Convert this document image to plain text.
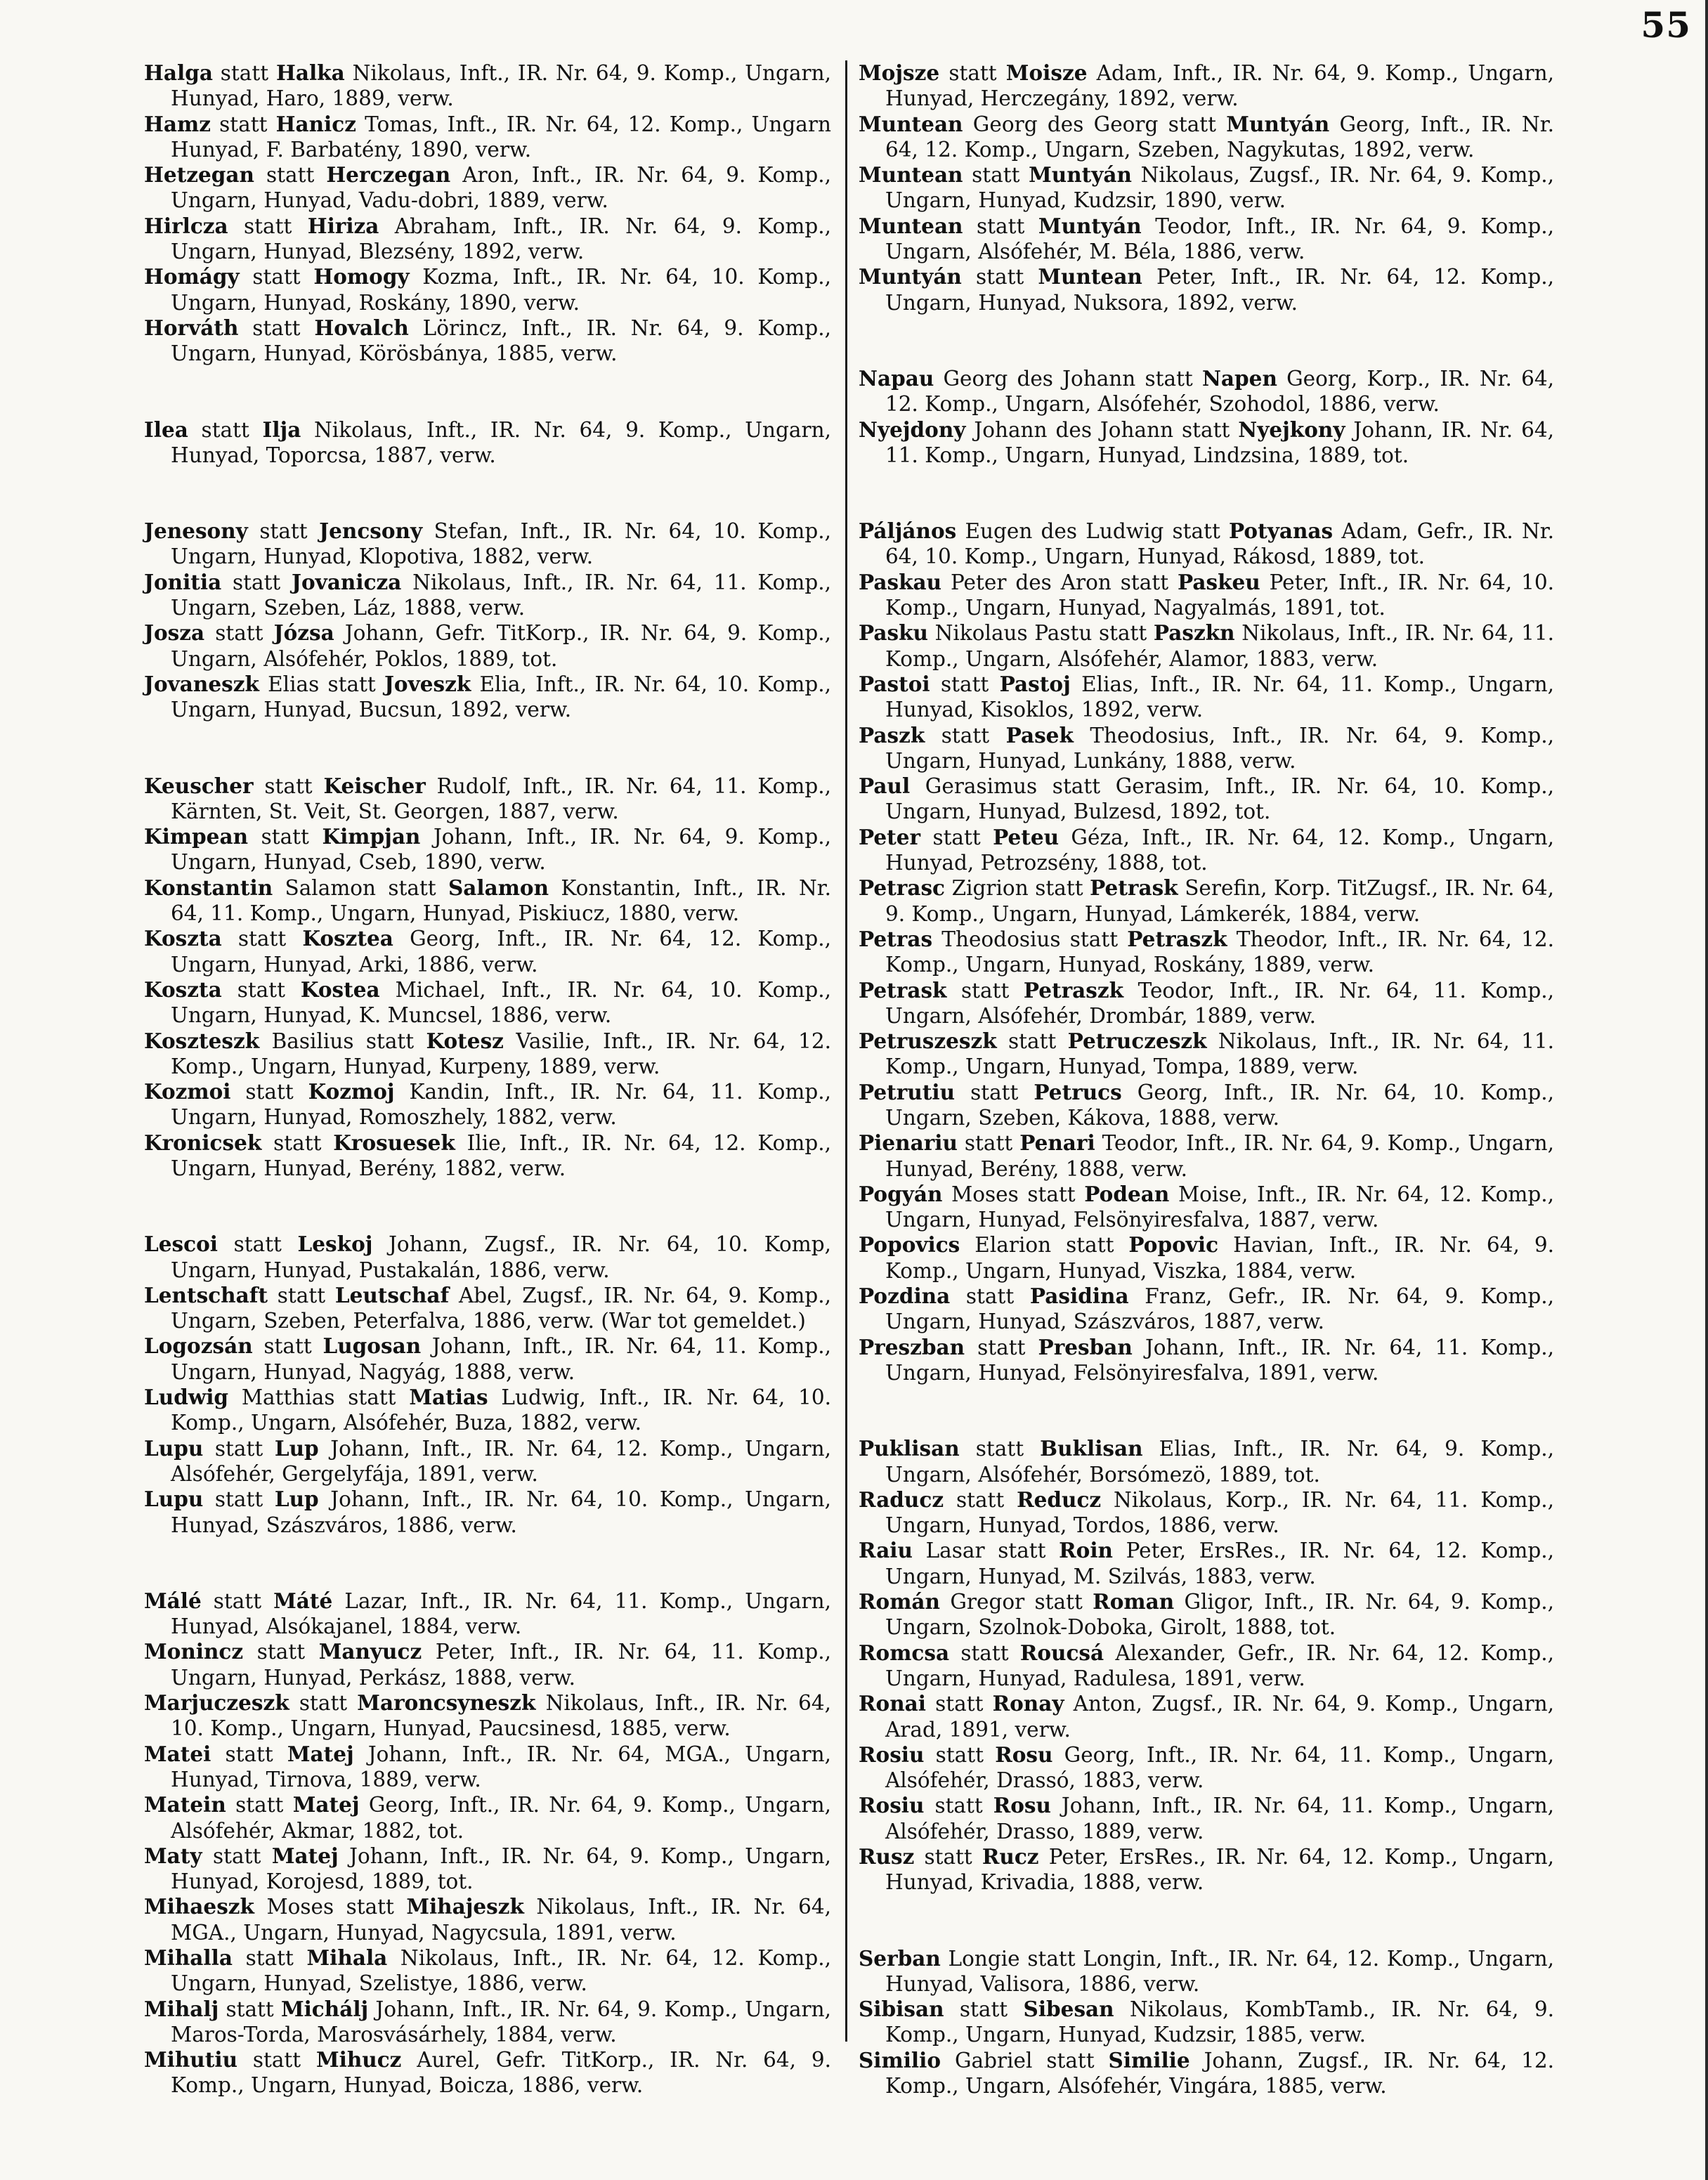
55

Halga statt Halka Nikolaus, Inft., IR. Nr. 64, 9. Komp., Ungarn, Hunyad, Haro, 1889, verw.

Hamz statt Hanicz Tomas, Inft., IR. Nr. 64, 12. Komp., Ungarn Hunyad, F. Barbatény, 1890, verw.

Hetzegan statt Herczegan Aron, Inft., IR. Nr. 64, 9. Komp., Ungarn, Hunyad, Vadu-dobri, 1889, verw.

Hirlcza statt Hiriza Abraham, Inft., IR. Nr. 64, 9. Komp., Ungarn, Hunyad, Blezsény, 1892, verw.

Homágy statt Homogy Kozma, Inft., IR. Nr. 64, 10. Komp., Ungarn, Hunyad, Roskány, 1890, verw.

Horváth statt Hovalch Lörincz, Inft., IR. Nr. 64, 9. Komp., Ungarn, Hunyad, Körösbánya, 1885, verw.

Ilea statt Ilja Nikolaus, Inft., IR. Nr. 64, 9. Komp., Ungarn, Hunyad, Toporcsa, 1887, verw.

Jenesony statt Jencsony Stefan, Inft., IR. Nr. 64, 10. Komp., Ungarn, Hunyad, Klopotiva, 1882, verw.

Jonitia statt Jovanicza Nikolaus, Inft., IR. Nr. 64, 11. Komp., Ungarn, Szeben, Láz, 1888, verw.

Josza statt Józsa Johann, Gefr. TitKorp., IR. Nr. 64, 9. Komp., Ungarn, Alsófehér, Poklos, 1889, tot.

Jovaneszk Elias statt Joveszk Elia, Inft., IR. Nr. 64, 10. Komp., Ungarn, Hunyad, Bucsun, 1892, verw.

Keuscher statt Keischer Rudolf, Inft., IR. Nr. 64, 11. Komp., Kärnten, St. Veit, St. Georgen, 1887, verw.

Kimpean statt Kimpjan Johann, Inft., IR. Nr. 64, 9. Komp., Ungarn, Hunyad, Cseb, 1890, verw.

Konstantin Salamon statt Salamon Konstantin, Inft., IR. Nr. 64, 11. Komp., Ungarn, Hunyad, Piskiucz, 1880, verw.

Koszta statt Kosztea Georg, Inft., IR. Nr. 64, 12. Komp., Ungarn, Hunyad, Arki, 1886, verw.

Koszta statt Kostea Michael, Inft., IR. Nr. 64, 10. Komp., Ungarn, Hunyad, K. Muncsel, 1886, verw.

Koszteszk Basilius statt Kotesz Vasilie, Inft., IR. Nr. 64, 12. Komp., Ungarn, Hunyad, Kurpeny, 1889, verw.

Kozmoi statt Kozmoj Kandin, Inft., IR. Nr. 64, 11. Komp., Ungarn, Hunyad, Romoszhely, 1882, verw.

Kronicsek statt Krosuesek Ilie, Inft., IR. Nr. 64, 12. Komp., Ungarn, Hunyad, Berény, 1882, verw.

Lescoi statt Leskoj Johann, Zugsf., IR. Nr. 64, 10. Komp, Ungarn, Hunyad, Pustakalán, 1886, verw.

Lentschaft statt Leutschaf Abel, Zugsf., IR. Nr. 64, 9. Komp., Ungarn, Szeben, Peterfalva, 1886, verw. (War tot gemeldet.)

Logozsán statt Lugosan Johann, Inft., IR. Nr. 64, 11. Komp., Ungarn, Hunyad, Nagyág, 1888, verw.

Ludwig Matthias statt Matias Ludwig, Inft., IR. Nr. 64, 10. Komp., Ungarn, Alsófehér, Buza, 1882, verw.

Lupu statt Lup Johann, Inft., IR. Nr. 64, 12. Komp., Ungarn, Alsófehér, Gergelyfája, 1891, verw.

Lupu statt Lup Johann, Inft., IR. Nr. 64, 10. Komp., Ungarn, Hunyad, Szászváros, 1886, verw.

Málé statt Máté Lazar, Inft., IR. Nr. 64, 11. Komp., Ungarn, Hunyad, Alsókajanel, 1884, verw.

Monincz statt Manyucz Peter, Inft., IR. Nr. 64, 11. Komp., Ungarn, Hunyad, Perkász, 1888, verw.

Marjuczeszk statt Maroncsyneszk Nikolaus, Inft., IR. Nr. 64, 10. Komp., Ungarn, Hunyad, Paucsinesd, 1885, verw.

Matei statt Matej Johann, Inft., IR. Nr. 64, MGA., Ungarn, Hunyad, Tirnova, 1889, verw.

Matein statt Matej Georg, Inft., IR. Nr. 64, 9. Komp., Ungarn, Alsófehér, Akmar, 1882, tot.

Maty statt Matej Johann, Inft., IR. Nr. 64, 9. Komp., Ungarn, Hunyad, Korojesd, 1889, tot.

Mihaeszk Moses statt Mihajeszk Nikolaus, Inft., IR. Nr. 64, MGA., Ungarn, Hunyad, Nagycsula, 1891, verw.

Mihalla statt Mihala Nikolaus, Inft., IR. Nr. 64, 12. Komp., Ungarn, Hunyad, Szelistye, 1886, verw.

Mihalj statt Michálj Johann, Inft., IR. Nr. 64, 9. Komp., Ungarn, Maros-Torda, Marosvásárhely, 1884, verw.

Mihutiu statt Mihucz Aurel, Gefr. TitKorp., IR. Nr. 64, 9. Komp., Ungarn, Hunyad, Boicza, 1886, verw.

Mojsze statt Moisze Adam, Inft., IR. Nr. 64, 9. Komp., Ungarn, Hunyad, Herczegány, 1892, verw.

Muntean Georg des Georg statt Muntyán Georg, Inft., IR. Nr. 64, 12. Komp., Ungarn, Szeben, Nagykutas, 1892, verw.

Muntean statt Muntyán Nikolaus, Zugsf., IR. Nr. 64, 9. Komp., Ungarn, Hunyad, Kudzsir, 1890, verw.

Muntean statt Muntyán Teodor, Inft., IR. Nr. 64, 9. Komp., Ungarn, Alsófehér, M. Béla, 1886, verw.

Muntyán statt Muntean Peter, Inft., IR. Nr. 64, 12. Komp., Ungarn, Hunyad, Nuksora, 1892, verw.

Napau Georg des Johann statt Napen Georg, Korp., IR. Nr. 64, 12. Komp., Ungarn, Alsófehér, Szohodol, 1886, verw.

Nyejdony Johann des Johann statt Nyejkony Johann, IR. Nr. 64, 11. Komp., Ungarn, Hunyad, Lindzsina, 1889, tot.

Páljános Eugen des Ludwig statt Potyanas Adam, Gefr., IR. Nr. 64, 10. Komp., Ungarn, Hunyad, Rákosd, 1889, tot.

Paskau Peter des Aron statt Paskeu Peter, Inft., IR. Nr. 64, 10. Komp., Ungarn, Hunyad, Nagyalmás, 1891, tot.

Pasku Nikolaus Pastu statt Paszkn Nikolaus, Inft., IR. Nr. 64, 11. Komp., Ungarn, Alsófehér, Alamor, 1883, verw.

Pastoi statt Pastoj Elias, Inft., IR. Nr. 64, 11. Komp., Ungarn, Hunyad, Kisoklos, 1892, verw.

Paszk statt Pasek Theodosius, Inft., IR. Nr. 64, 9. Komp., Ungarn, Hunyad, Lunkány, 1888, verw.

Paul Gerasimus statt Gerasim, Inft., IR. Nr. 64, 10. Komp., Ungarn, Hunyad, Bulzesd, 1892, tot.

Peter statt Peteu Géza, Inft., IR. Nr. 64, 12. Komp., Ungarn, Hunyad, Petrozsény, 1888, tot.

Petrasc Zigrion statt Petrask Serefin, Korp. TitZugsf., IR. Nr. 64, 9. Komp., Ungarn, Hunyad, Lámkerék, 1884, verw.

Petras Theodosius statt Petraszk Theodor, Inft., IR. Nr. 64, 12. Komp., Ungarn, Hunyad, Roskány, 1889, verw.

Petrask statt Petraszk Teodor, Inft., IR. Nr. 64, 11. Komp., Ungarn, Alsófehér, Drombár, 1889, verw.

Petruszeszk statt Petruczeszk Nikolaus, Inft., IR. Nr. 64, 11. Komp., Ungarn, Hunyad, Tompa, 1889, verw.

Petrutiu statt Petrucs Georg, Inft., IR. Nr. 64, 10. Komp., Ungarn, Szeben, Kákova, 1888, verw.

Pienariu statt Penari Teodor, Inft., IR. Nr. 64, 9. Komp., Ungarn, Hunyad, Berény, 1888, verw.

Pogyán Moses statt Podean Moise, Inft., IR. Nr. 64, 12. Komp., Ungarn, Hunyad, Felsönyiresfalva, 1887, verw.

Popovics Elarion statt Popovic Havian, Inft., IR. Nr. 64, 9. Komp., Ungarn, Hunyad, Viszka, 1884, verw.

Pozdina statt Pasidina Franz, Gefr., IR. Nr. 64, 9. Komp., Ungarn, Hunyad, Szászváros, 1887, verw.

Preszban statt Presban Johann, Inft., IR. Nr. 64, 11. Komp., Ungarn, Hunyad, Felsönyiresfalva, 1891, verw.

Puklisan statt Buklisan Elias, Inft., IR. Nr. 64, 9. Komp., Ungarn, Alsófehér, Borsómezö, 1889, tot.

Raducz statt Reducz Nikolaus, Korp., IR. Nr. 64, 11. Komp., Ungarn, Hunyad, Tordos, 1886, verw.

Raiu Lasar statt Roin Peter, ErsRes., IR. Nr. 64, 12. Komp., Ungarn, Hunyad, M. Szilvás, 1883, verw.

Román Gregor statt Roman Gligor, Inft., IR. Nr. 64, 9. Komp., Ungarn, Szolnok-Doboka, Girolt, 1888, tot.

Romcsa statt Roucsá Alexander, Gefr., IR. Nr. 64, 12. Komp., Ungarn, Hunyad, Radulesa, 1891, verw.

Ronai statt Ronay Anton, Zugsf., IR. Nr. 64, 9. Komp., Ungarn, Arad, 1891, verw.

Rosiu statt Rosu Georg, Inft., IR. Nr. 64, 11. Komp., Ungarn, Alsófehér, Drassó, 1883, verw.

Rosiu statt Rosu Johann, Inft., IR. Nr. 64, 11. Komp., Ungarn, Alsófehér, Drasso, 1889, verw.

Rusz statt Rucz Peter, ErsRes., IR. Nr. 64, 12. Komp., Ungarn, Hunyad, Krivadia, 1888, verw.

Serban Longie statt Longin, Inft., IR. Nr. 64, 12. Komp., Ungarn, Hunyad, Valisora, 1886, verw.

Sibisan statt Sibesan Nikolaus, KombTamb., IR. Nr. 64, 9. Komp., Ungarn, Hunyad, Kudzsir, 1885, verw.

Similio Gabriel statt Similie Johann, Zugsf., IR. Nr. 64, 12. Komp., Ungarn, Alsófehér, Vingára, 1885, verw.
